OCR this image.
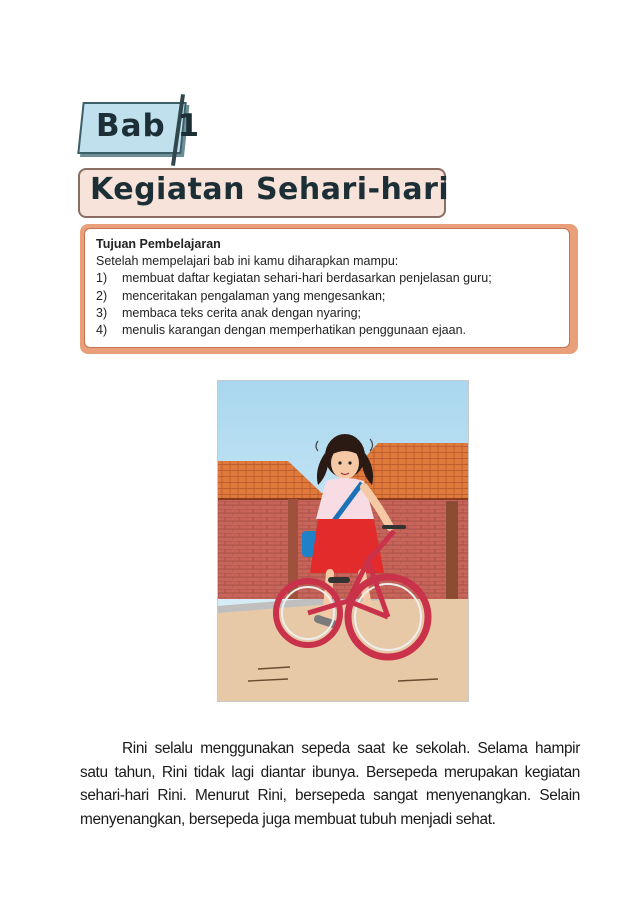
Bab 1
Kegiatan Sehari-hari
Tujuan Pembelajaran
Setelah mempelajari bab ini kamu diharapkan mampu:
1)	membuat daftar kegiatan sehari-hari berdasarkan penjelasan guru;
2)	menceritakan pengalaman yang mengesankan;
3)	membaca teks cerita anak dengan nyaring;
4)	menulis karangan dengan memperhatikan penggunaan ejaan.
Rini selalu menggunakan sepeda saat ke sekolah. Selama hampir satu tahun, Rini tidak lagi diantar ibunya. Bersepeda merupakan kegiatan sehari-hari Rini. Menurut Rini, bersepeda sangat menyenangkan. Selain menyenangkan, bersepeda juga membuat tubuh menjadi sehat.
